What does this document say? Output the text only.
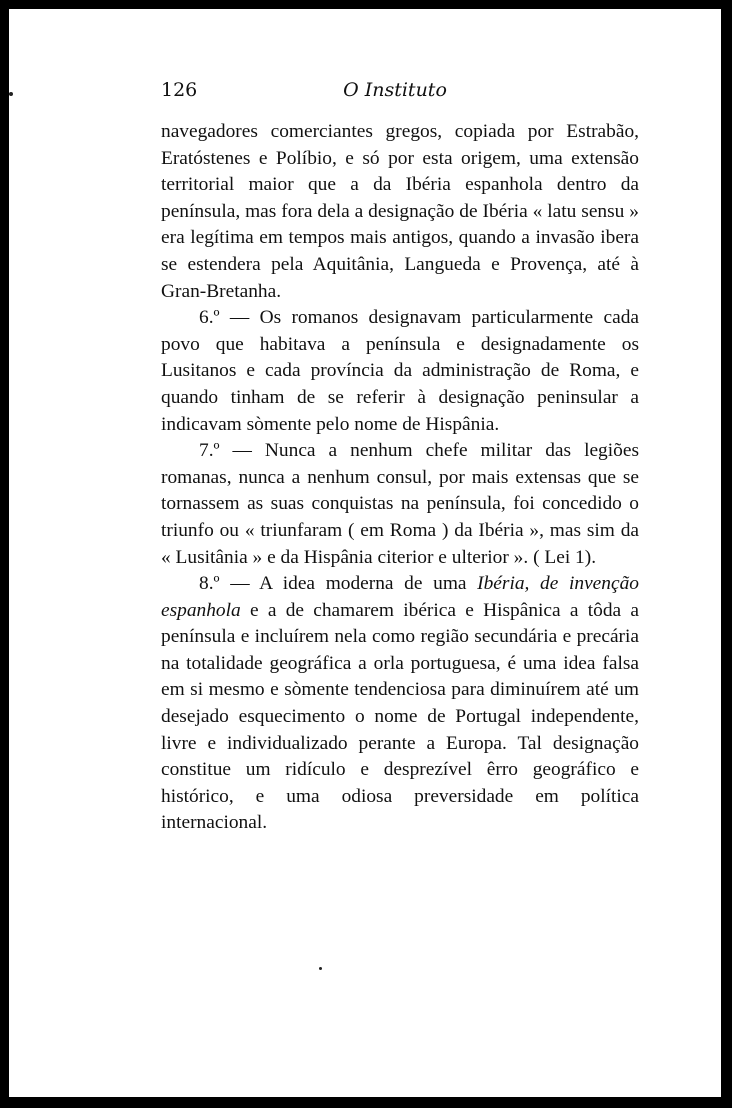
126	O Instituto

navegadores comerciantes gregos, copiada por Estrabão, Eratóstenes e Políbio, e só por esta origem, uma extensão territorial maior que a da Ibéria espanhola dentro da península, mas fora dela a designação de Ibéria « latu sensu » era legítima em tempos mais antigos, quando a invasão ibera se estendera pela Aquitânia, Langueda e Provença, até à Gran-Bretanha.

6.º — Os romanos designavam particularmente cada povo que habitava a península e designadamente os Lusitanos e cada província da administração de Roma, e quando tinham de se referir à designação peninsular a indicavam sòmente pelo nome de Hispânia.

7.º — Nunca a nenhum chefe militar das legiões romanas, nunca a nenhum consul, por mais extensas que se tornassem as suas conquistas na península, foi concedido o triunfo ou « triunfaram ( em Roma ) da Ibéria », mas sim da « Lusitânia » e da Hispânia citerior e ulterior ». ( Lei 1).

8.º — A idea moderna de uma Ibéria, de invenção espanhola e a de chamarem ibérica e Hispânica a tôda a península e incluírem nela como região secundária e precária na totalidade geográfica a orla portuguesa, é uma idea falsa em si mesmo e sòmente tendenciosa para diminuírem até um desejado esquecimento o nome de Portugal independente, livre e individualizado perante a Europa. Tal designação constitue um ridículo e desprezível êrro geográfico e histórico, e uma odiosa preversidade em política internacional.
